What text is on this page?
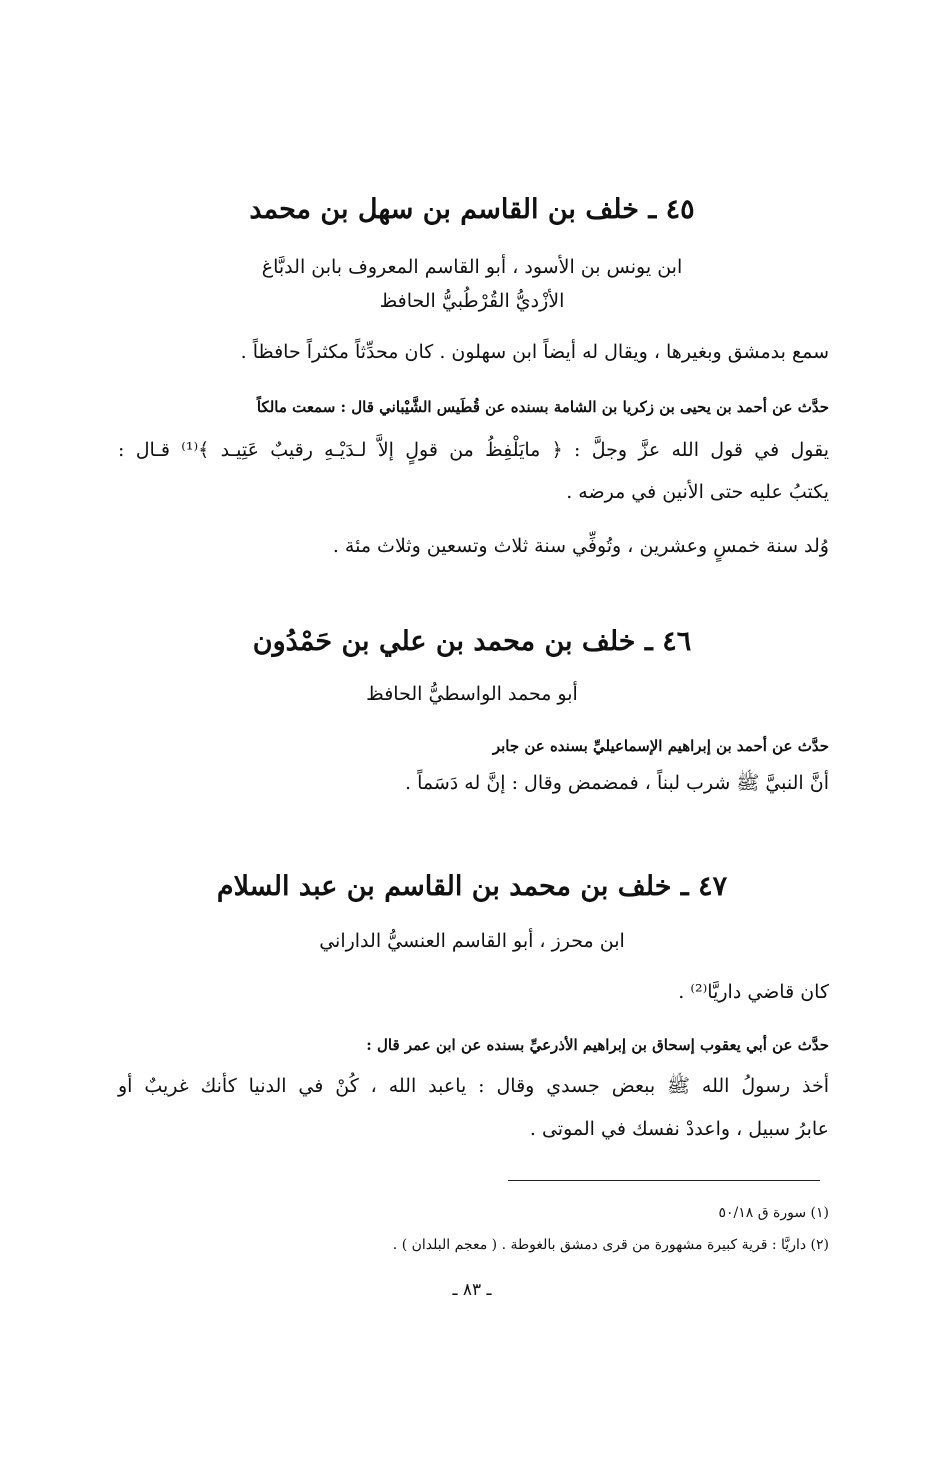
٤٥ ـ خلف بن القاسم بن سهل بن محمد
ابن يونس بن الأسود ، أبو القاسم المعروف بابن الدبَّاغ
الأزْديُّ القُرْطُبيُّ الحافظ
سمع بدمشق وبغيرها ، ويقال له أيضاً ابن سهلون . كان محدِّثاً مكثراً حافظاً .
حدَّث عن أحمد بن يحيى بن زكريا بن الشامة بسنده عن قُطَيس الشَّيْباني قال : سمعت مالكاً
يقول في قول الله عزَّ وجلَّ : ﴿ مايَلْفِظُ من قولٍ إلاَّ لـدَيْـهِ رقيبٌ عَتِيـد ﴾⁽¹⁾ قـال :
يكتبُ عليه حتى الأنين في مرضه .
وُلد سنة خمسٍ وعشرين ، وتُوفِّي سنة ثلاث وتسعين وثلاث مئة .
٤٦ ـ خلف بن محمد بن علي بن حَمْدُون
أبو محمد الواسطيُّ الحافظ
حدَّث عن أحمد بن إبراهيم الإسماعيليِّ بسنده عن جابر
أنَّ النبيَّ ﷺ شرب لبناً ، فمضمض وقال : إنَّ له دَسَماً .
٤٧ ـ خلف بن محمد بن القاسم بن عبد السلام
ابن محرز ، أبو القاسم العنسيُّ الداراني
كان قاضي داريَّا⁽²⁾ .
حدَّث عن أبي يعقوب إسحاق بن إبراهيم الأذرعيِّ بسنده عن ابن عمر قال :
أخذ رسولُ الله ﷺ ببعض جسدي وقال : ياعبد الله ، كُنْ في الدنيا كأنك غريبٌ أو
عابرُ سبيل ، واعددْ نفسك في الموتى .
(١) سورة ق ٥٠/١٨
(٢) داريَّا : قرية كبيرة مشهورة من قرى دمشق بالغوطة . ( معجم البلدان ) .
ـ ٨٣ ـ
